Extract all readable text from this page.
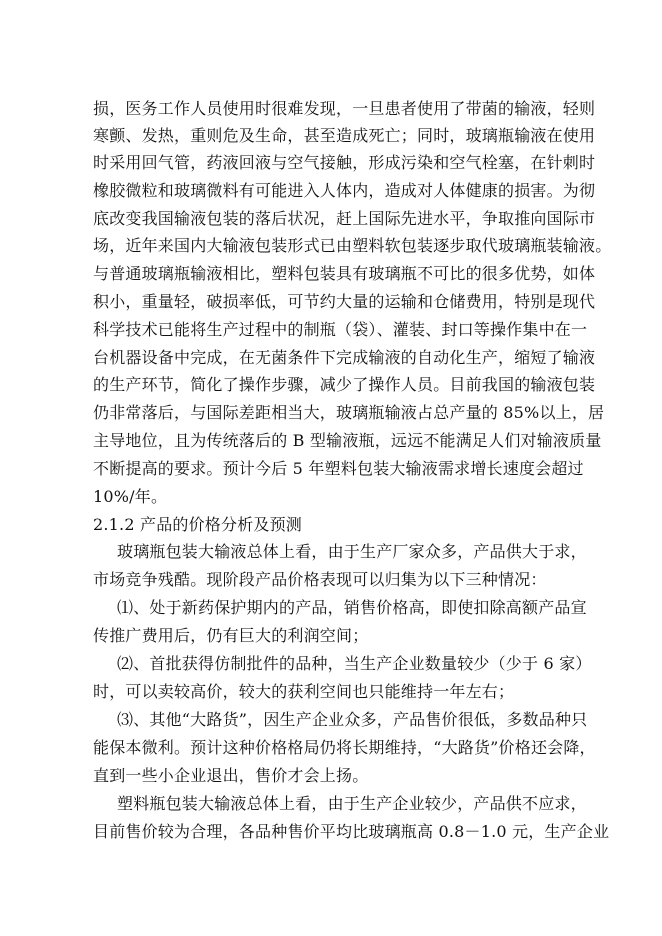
损，医务工作人员使用时很难发现，一旦患者使用了带菌的输液，轻则
寒颤、发热，重则危及生命，甚至造成死亡；同时，玻璃瓶输液在使用
时采用回气管，药液回液与空气接触，形成污染和空气栓塞，在针刺时
橡胶微粒和玻璃微料有可能进入人体内，造成对人体健康的损害。为彻
底改变我国输液包装的落后状况，赶上国际先进水平，争取推向国际市
场，近年来国内大输液包装形式已由塑料软包装逐步取代玻璃瓶装输液。
与普通玻璃瓶输液相比，塑料包装具有玻璃瓶不可比的很多优势，如体
积小，重量轻，破损率低，可节约大量的运输和仓储费用，特别是现代
科学技术已能将生产过程中的制瓶（袋）、灌装、封口等操作集中在一
台机器设备中完成，在无菌条件下完成输液的自动化生产，缩短了输液
的生产环节，简化了操作步骤，减少了操作人员。目前我国的输液包装
仍非常落后，与国际差距相当大，玻璃瓶输液占总产量的 85%以上，居
主导地位，且为传统落后的 B 型输液瓶，远远不能满足人们对输液质量
不断提高的要求。预计今后 5 年塑料包装大输液需求增长速度会超过
10%/年。
2.1.2 产品的价格分析及预测
玻璃瓶包装大输液总体上看，由于生产厂家众多，产品供大于求，
市场竞争残酷。现阶段产品价格表现可以归集为以下三种情况：
⑴、处于新药保护期内的产品，销售价格高，即使扣除高额产品宣
传推广费用后，仍有巨大的利润空间；
⑵、首批获得仿制批件的品种，当生产企业数量较少（少于 6 家）
时，可以卖较高价，较大的获利空间也只能维持一年左右；
⑶、其他“大路货”，因生产企业众多，产品售价很低，多数品种只
能保本微利。预计这种价格格局仍将长期维持，“大路货”价格还会降，
直到一些小企业退出，售价才会上扬。
塑料瓶包装大输液总体上看，由于生产企业较少，产品供不应求，
目前售价较为合理，各品种售价平均比玻璃瓶高 0.8－1.0 元，生产企业
